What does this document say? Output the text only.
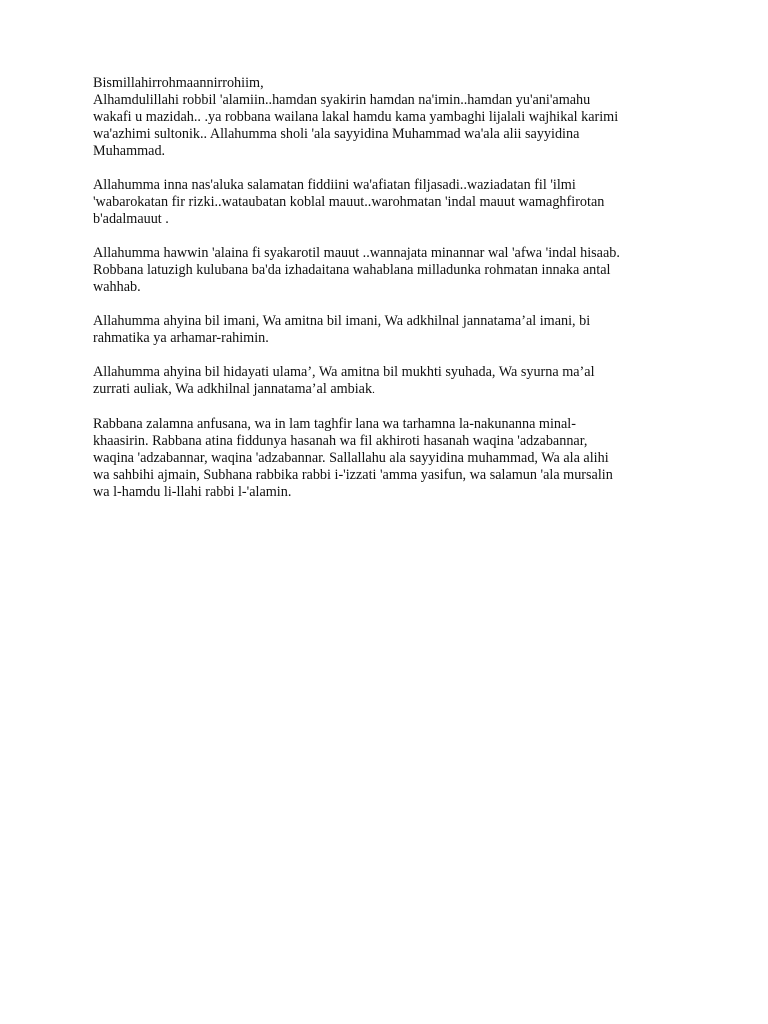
Bismillahirrohmaannirrohiim,
Alhamdulillahi robbil 'alamiin..hamdan syakirin hamdan na'imin..hamdan yu'ani'amahu
wakafi u mazidah.. .ya robbana wailana lakal hamdu kama yambaghi lijalali wajhikal karimi
wa'azhimi sultonik.. Allahumma sholi 'ala sayyidina Muhammad wa'ala alii sayyidina
Muhammad.

Allahumma inna nas'aluka salamatan fiddiini wa'afiatan filjasadi..waziadatan fil 'ilmi
'wabarokatan fir rizki..wataubatan koblal mauut..warohmatan 'indal mauut wamaghfirotan
b'adalmauut .

Allahumma hawwin 'alaina fi syakarotil mauut ..wannajata minannar wal 'afwa 'indal hisaab.
Robbana latuzigh kulubana ba'da izhadaitana wahablana milladunka rohmatan innaka antal
wahhab.

Allahumma ahyina bil imani, Wa amitna bil imani, Wa adkhilnal jannatama’al imani, bi
rahmatika ya arhamar-rahimin.

Allahumma ahyina bil hidayati ulama’, Wa amitna bil mukhti syuhada, Wa syurna ma’al
zurrati auliak, Wa adkhilnal jannatama’al ambiak.

Rabbana zalamna anfusana, wa in lam taghfir lana wa tarhamna la-nakunanna minal-
khaasirin. Rabbana atina fiddunya hasanah wa fil akhiroti hasanah waqina 'adzabannar,
waqina 'adzabannar, waqina 'adzabannar. Sallallahu ala sayyidina muhammad, Wa ala alihi
wa sahbihi ajmain, Subhana rabbika rabbi i-'izzati 'amma yasifun, wa salamun 'ala mursalin
wa l-hamdu li-llahi rabbi l-'alamin.
